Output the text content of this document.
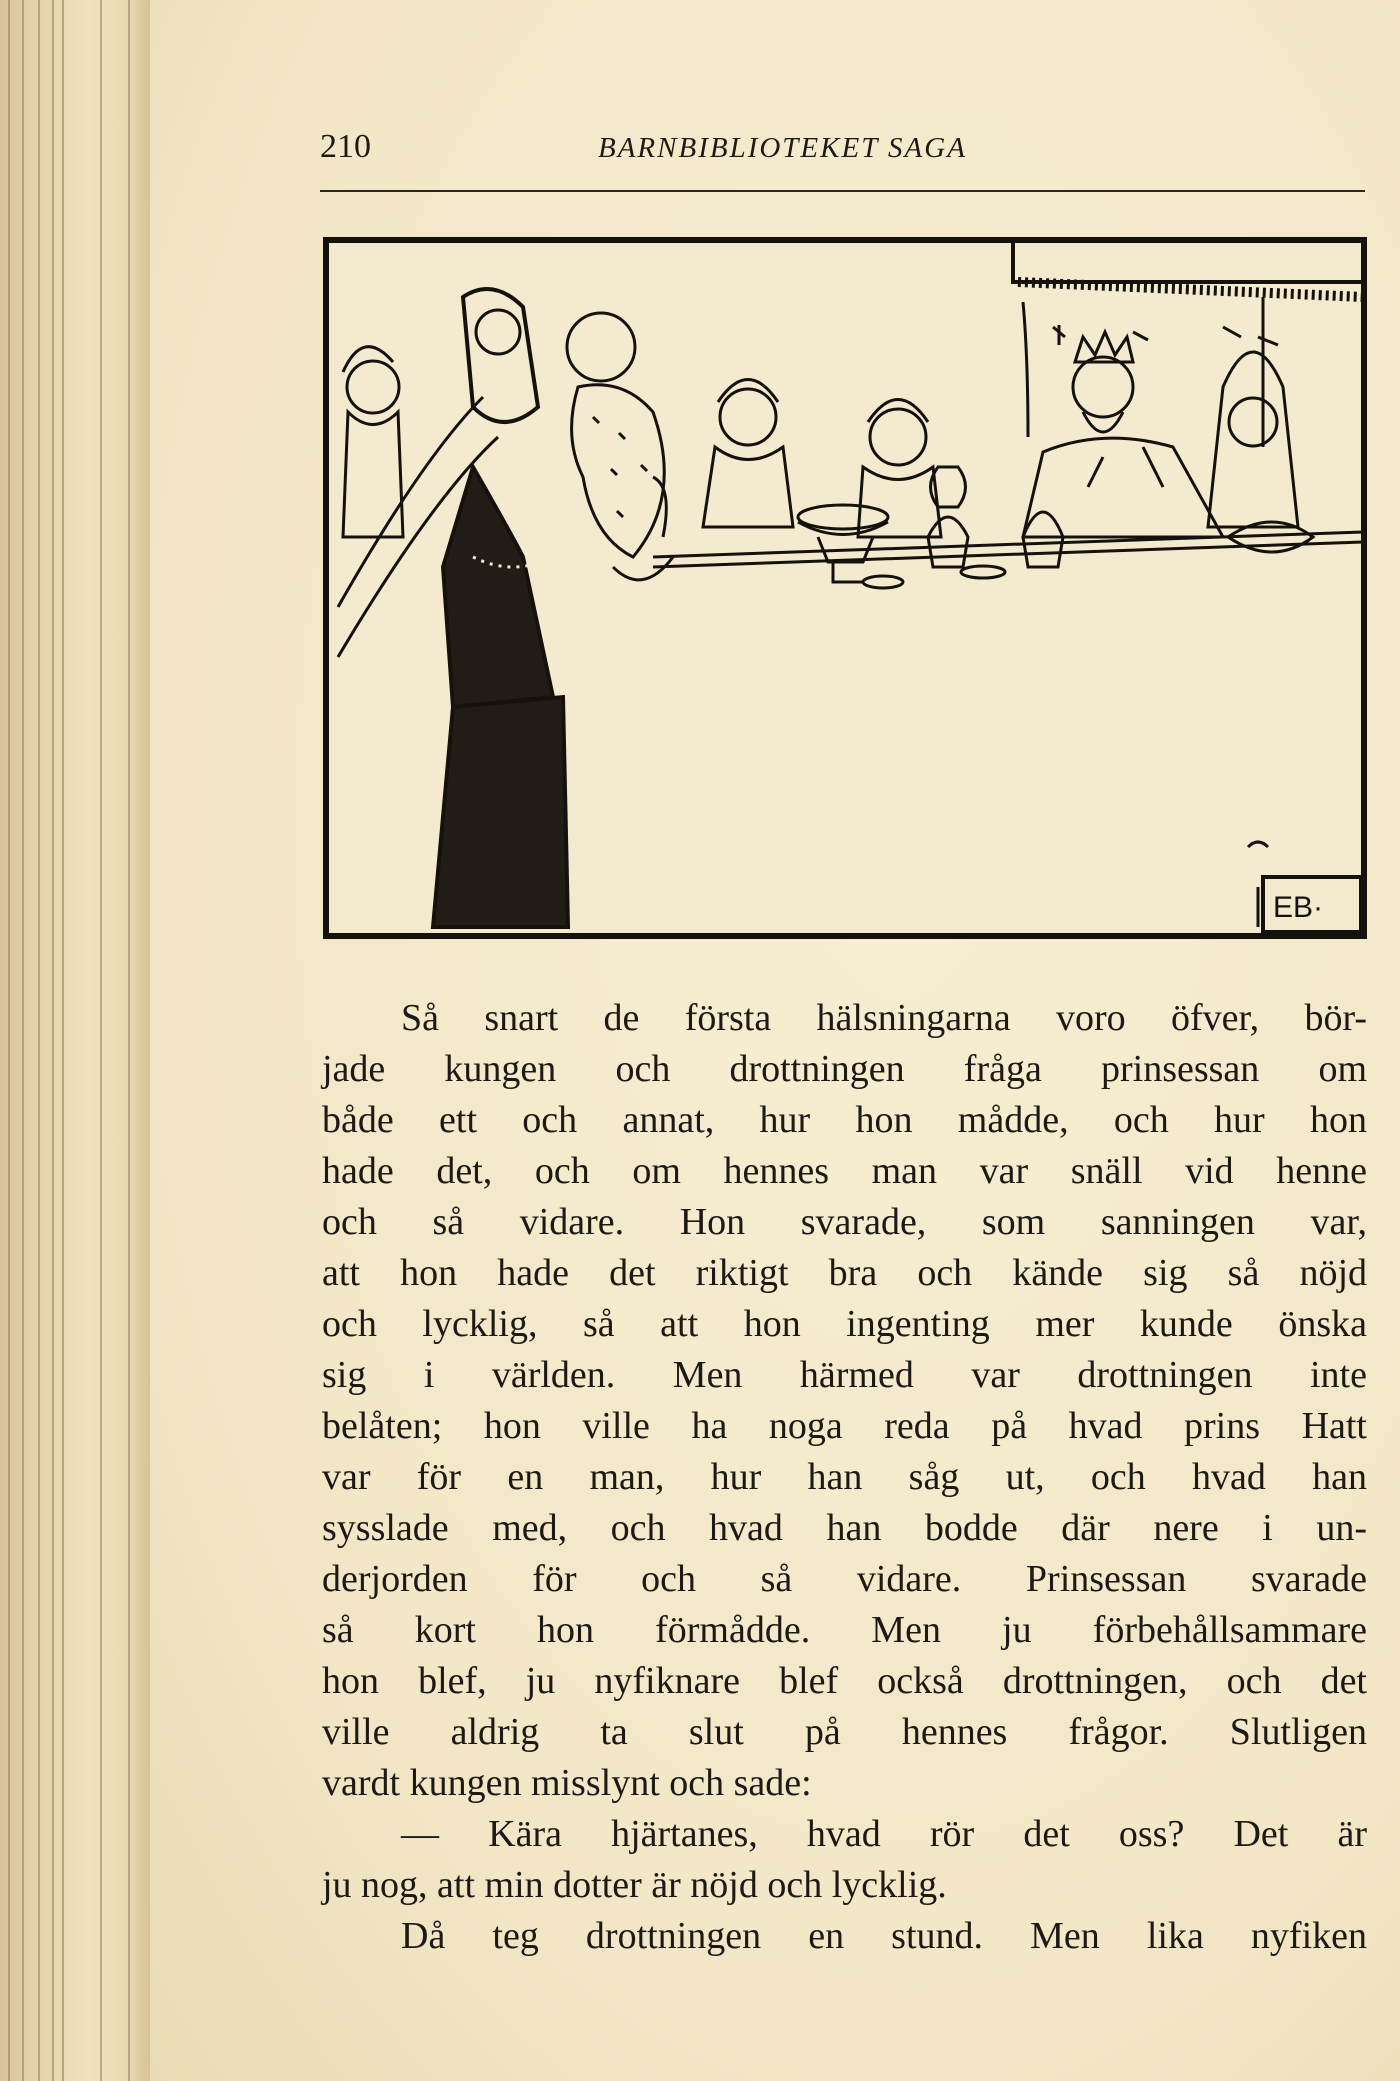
210	BARNBIBLIOTEKET SAGA
EB·
Så snart de första hälsningarna voro öfver, bör-
jade kungen och drottningen fråga prinsessan om
både ett och annat, hur hon mådde, och hur hon
hade det, och om hennes man var snäll vid henne
och så vidare. Hon svarade, som sanningen var,
att hon hade det riktigt bra och kände sig så nöjd
och lycklig, så att hon ingenting mer kunde önska
sig i världen. Men härmed var drottningen inte
belåten; hon ville ha noga reda på hvad prins Hatt
var för en man, hur han såg ut, och hvad han
sysslade med, och hvad han bodde där nere i un-
derjorden för och så vidare. Prinsessan svarade
så kort hon förmådde. Men ju förbehållsammare
hon blef, ju nyfiknare blef också drottningen, och det
ville aldrig ta slut på hennes frågor. Slutligen
vardt kungen misslynt och sade:
— Kära hjärtanes, hvad rör det oss? Det är
ju nog, att min dotter är nöjd och lycklig.
Då teg drottningen en stund. Men lika nyfiken
